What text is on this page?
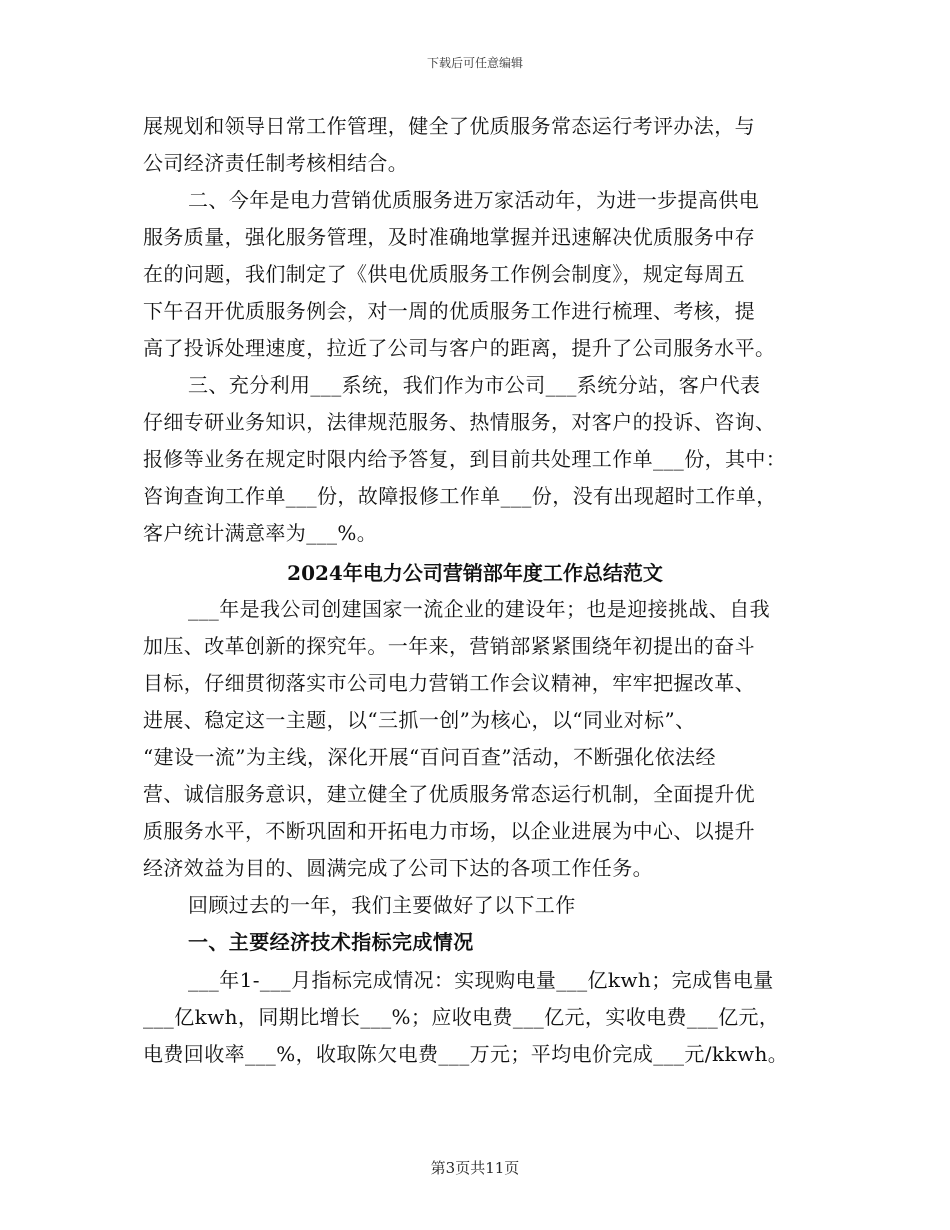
下载后可任意编辑
展规划和领导日常工作管理，健全了优质服务常态运行考评办法，与
公司经济责任制考核相结合。
二、今年是电力营销优质服务进万家活动年，为进一步提高供电
服务质量，强化服务管理，及时准确地掌握并迅速解决优质服务中存
在的问题，我们制定了《供电优质服务工作例会制度》，规定每周五
下午召开优质服务例会，对一周的优质服务工作进行梳理、考核，提
高了投诉处理速度，拉近了公司与客户的距离，提升了公司服务水平。
三、充分利用___系统，我们作为市公司___系统分站，客户代表
仔细专研业务知识，法律规范服务、热情服务，对客户的投诉、咨询、
报修等业务在规定时限内给予答复，到目前共处理工作单___份，其中：
咨询查询工作单___份，故障报修工作单___份，没有出现超时工作单，
客户统计满意率为___%。
2024年电力公司营销部年度工作总结范文
___年是我公司创建国家一流企业的建设年；也是迎接挑战、自我
加压、改革创新的探究年。一年来，营销部紧紧围绕年初提出的奋斗
目标，仔细贯彻落实市公司电力营销工作会议精神，牢牢把握改革、
进展、稳定这一主题，以“三抓一创”为核心，以“同业对标”、
“建设一流”为主线，深化开展“百问百查”活动，不断强化依法经
营、诚信服务意识，建立健全了优质服务常态运行机制，全面提升优
质服务水平，不断巩固和开拓电力市场，以企业进展为中心、以提升
经济效益为目的、圆满完成了公司下达的各项工作任务。
回顾过去的一年，我们主要做好了以下工作
一、主要经济技术指标完成情况
___年1-___月指标完成情况：实现购电量___亿kwh；完成售电量
___亿kwh，同期比增长___%；应收电费___亿元，实收电费___亿元，
电费回收率___%，收取陈欠电费___万元；平均电价完成___元/kkwh。
第3页共11页
